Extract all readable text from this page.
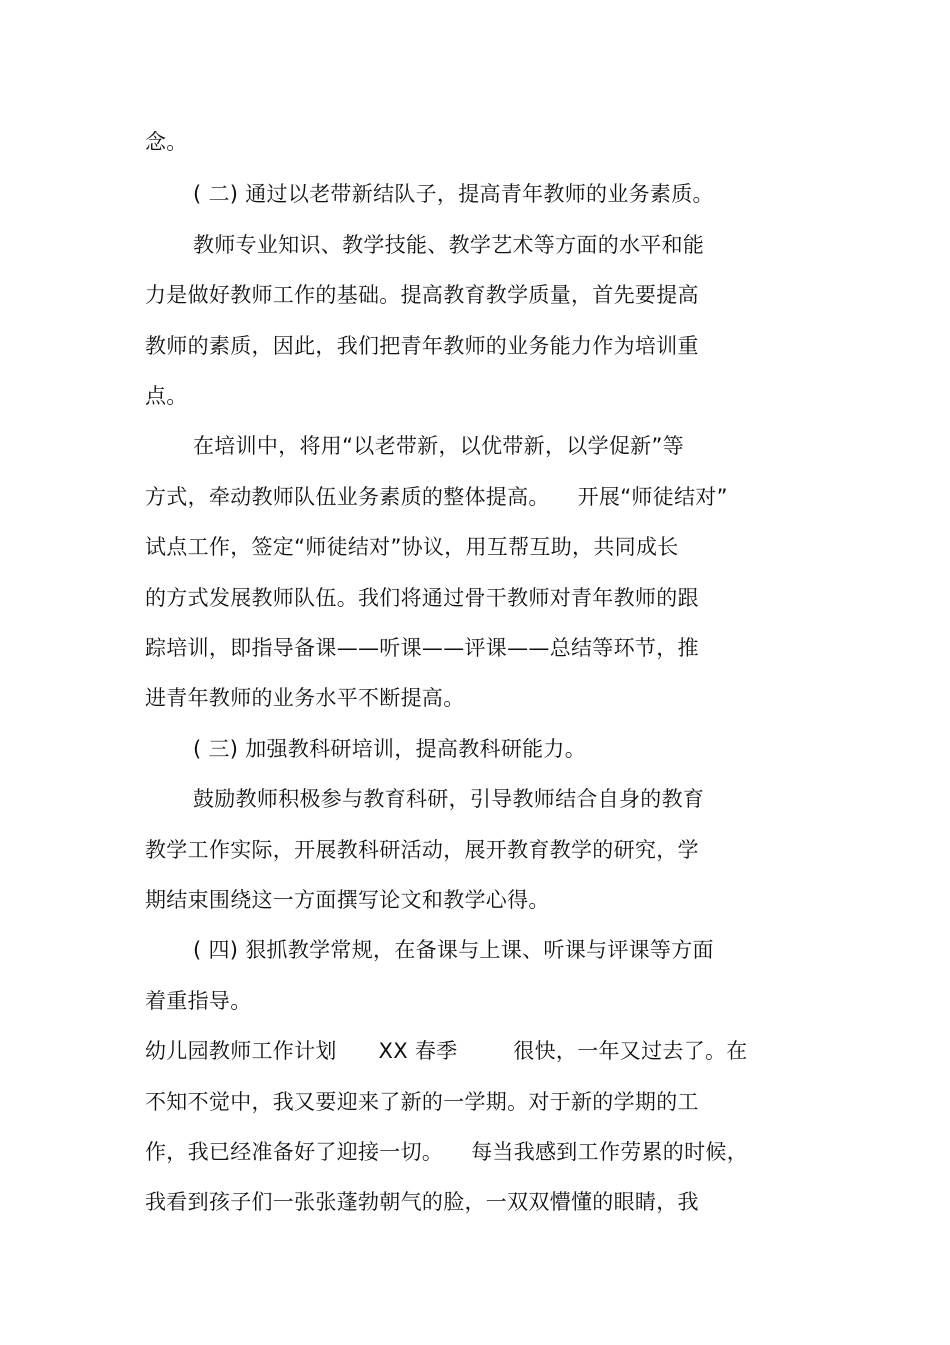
念。
( 二) 通过以老带新结队子，提高青年教师的业务素质。
教师专业知识、教学技能、教学艺术等方面的水平和能
力是做好教师工作的基础。提高教育教学质量，首先要提高
教师的素质，因此，我们把青年教师的业务能力作为培训重
点。
在培训中，将用“以老带新，以优带新，以学促新”等
方式，牵动教师队伍业务素质的整体提高。    开展“师徒结对”
试点工作，签定“师徒结对”协议，用互帮互助，共同成长
的方式发展教师队伍。我们将通过骨干教师对青年教师的跟
踪培训，即指导备课——听课——评课——总结等环节，推
进青年教师的业务水平不断提高。
( 三) 加强教科研培训，提高教科研能力。
鼓励教师积极参与教育科研，引导教师结合自身的教育
教学工作实际，开展教科研活动，展开教育教学的研究，学
期结束围绕这一方面撰写论文和教学心得。
( 四) 狠抓教学常规，在备课与上课、听课与评课等方面
着重指导。
幼儿园教师工作计划      XX 春季        很快，一年又过去了。在
不知不觉中，我又要迎来了新的一学期。对于新的学期的工
作，我已经准备好了迎接一切。    每当我感到工作劳累的时候，
我看到孩子们一张张蓬勃朝气的脸，一双双懵懂的眼睛，我
